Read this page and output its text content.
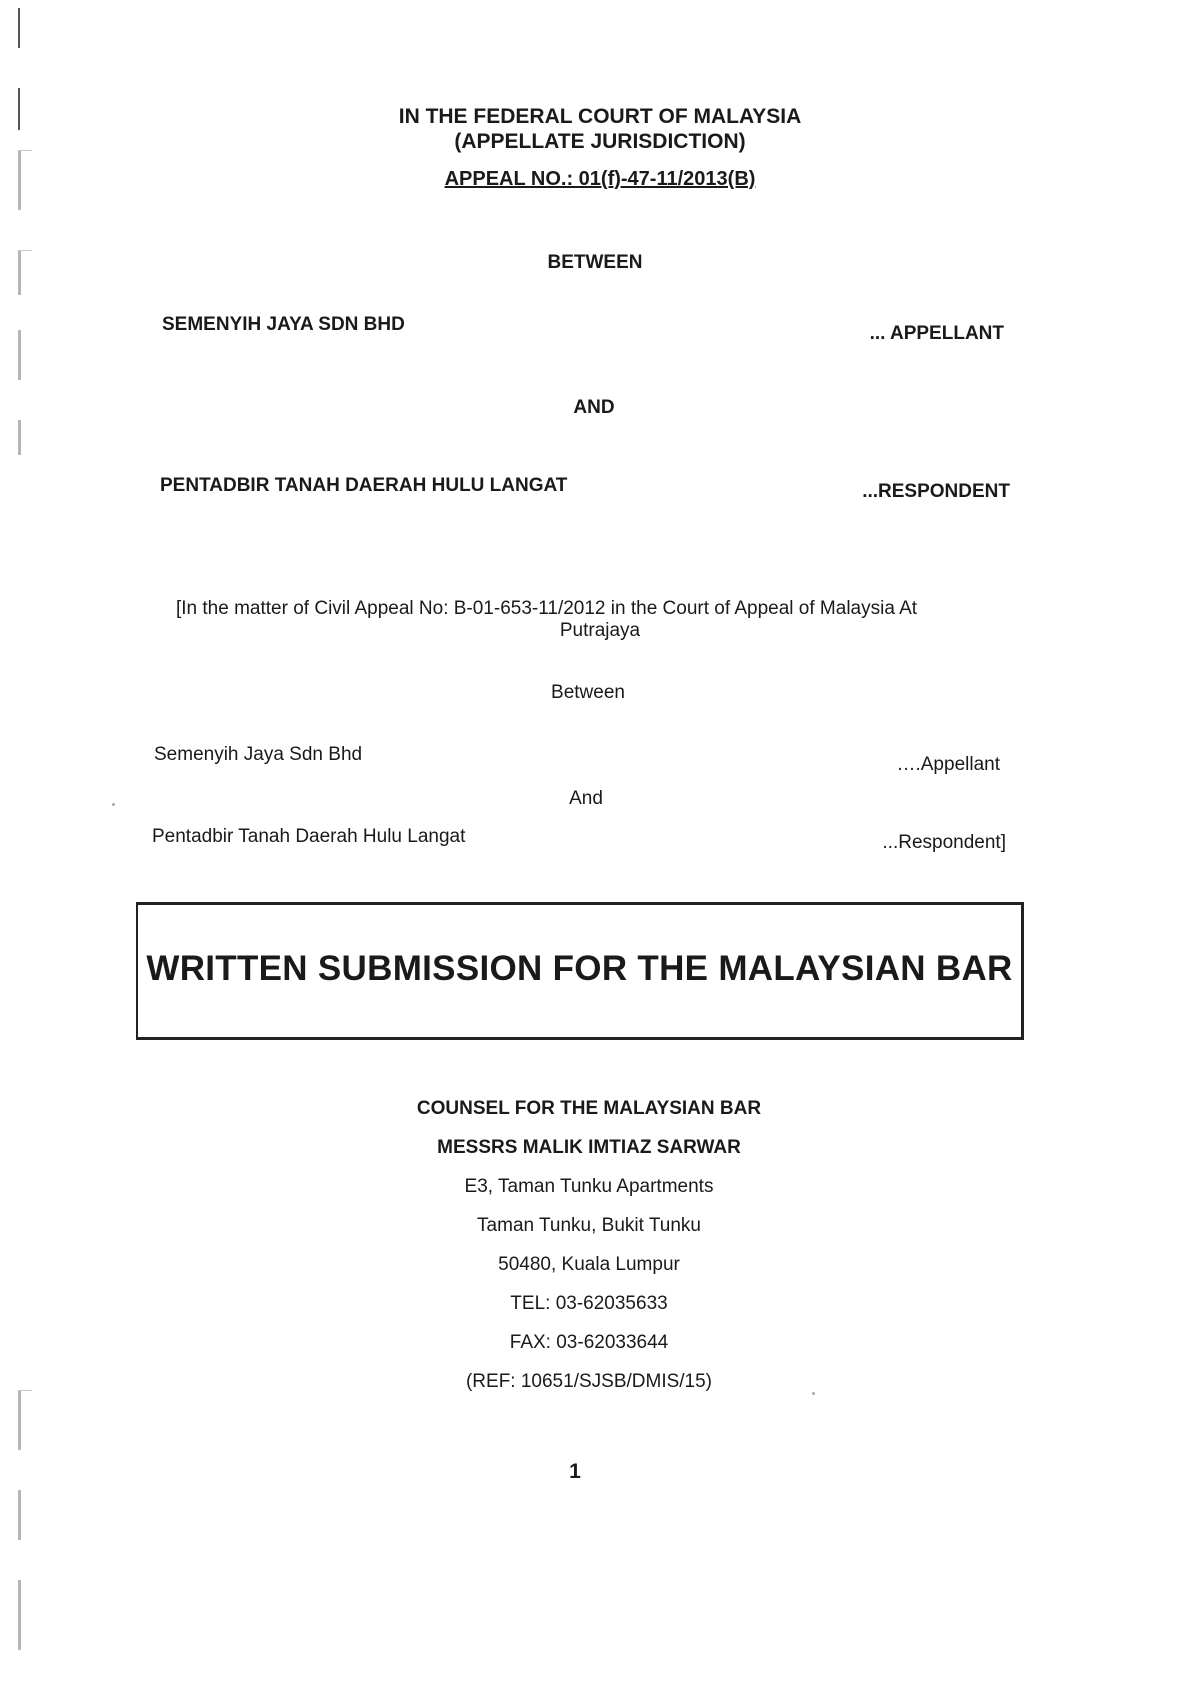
IN THE FEDERAL COURT OF MALAYSIA
(APPELLATE JURISDICTION)
APPEAL NO.: 01(f)-47-11/2013(B)
BETWEEN
SEMENYIH JAYA SDN BHD	... APPELLANT
AND
PENTADBIR TANAH DAERAH HULU LANGAT	...RESPONDENT
[In the matter of Civil Appeal No: B-01-653-11/2012 in the Court of Appeal of Malaysia At
Putrajaya
Between
Semenyih Jaya Sdn Bhd	….Appellant
And
Pentadbir Tanah Daerah Hulu Langat	...Respondent]
WRITTEN SUBMISSION FOR THE MALAYSIAN BAR
COUNSEL FOR THE MALAYSIAN BAR
MESSRS MALIK IMTIAZ SARWAR
E3, Taman Tunku Apartments
Taman Tunku, Bukit Tunku
50480, Kuala Lumpur
TEL: 03-62035633
FAX: 03-62033644
(REF: 10651/SJSB/DMIS/15)
1
